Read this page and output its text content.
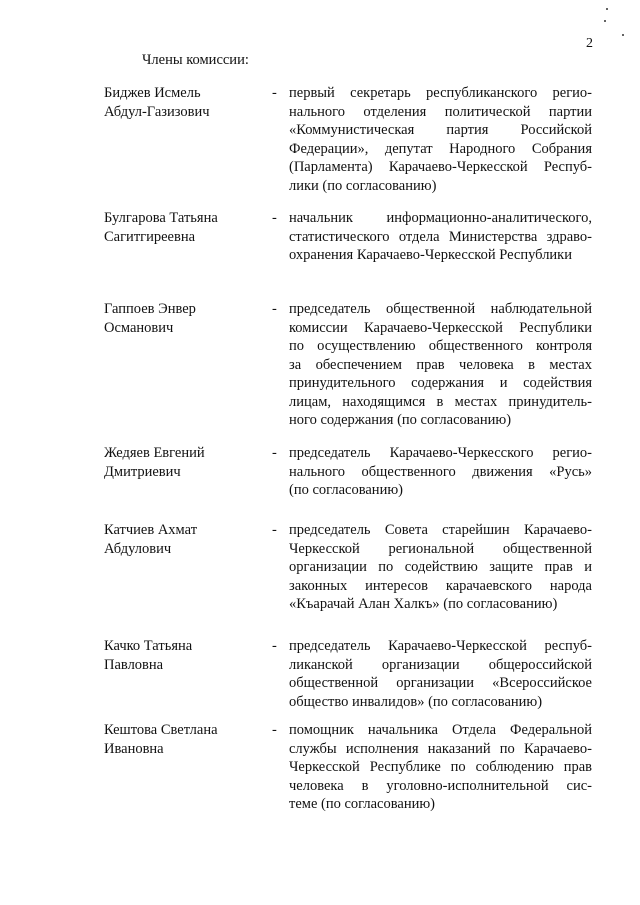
2
Члены комиссии:
Биджев Исмель
Абдул-Газизович
- первый секретарь республиканского регио-
нального отделения политической партии
«Коммунистическая партия Российской
Федерации», депутат Народного Собрания
(Парламента) Карачаево-Черкесской Респуб-
лики (по согласованию)
Булгарова Татьяна
Сагитгиреевна
- начальник информационно-аналитического,
статистического отдела Министерства здраво-
охранения Карачаево-Черкесской Республики
Гаппоев Энвер
Османович
- председатель общественной наблюдательной
комиссии Карачаево-Черкесской Республики
по осуществлению общественного контроля
за обеспечением прав человека в местах
принудительного содержания и содействия
лицам, находящимся в местах принудитель-
ного содержания (по согласованию)
Жедяев Евгений
Дмитриевич
- председатель Карачаево-Черкесского регио-
нального общественного движения «Русь»
(по согласованию)
Катчиев Ахмат
Абдулович
- председатель Совета старейшин Карачаево-
Черкесской региональной общественной
организации по содействию защите прав и
законных интересов карачаевского народа
«Къарачай Алан Халкъ» (по согласованию)
Качко Татьяна
Павловна
- председатель Карачаево-Черкесской респуб-
ликанской организации общероссийской
общественной организации «Всероссийское
общество инвалидов» (по согласованию)
Кештова Светлана
Ивановна
- помощник начальника Отдела Федеральной
службы исполнения наказаний по Карачаево-
Черкесской Республике по соблюдению прав
человека в уголовно-исполнительной сис-
теме (по согласованию)
